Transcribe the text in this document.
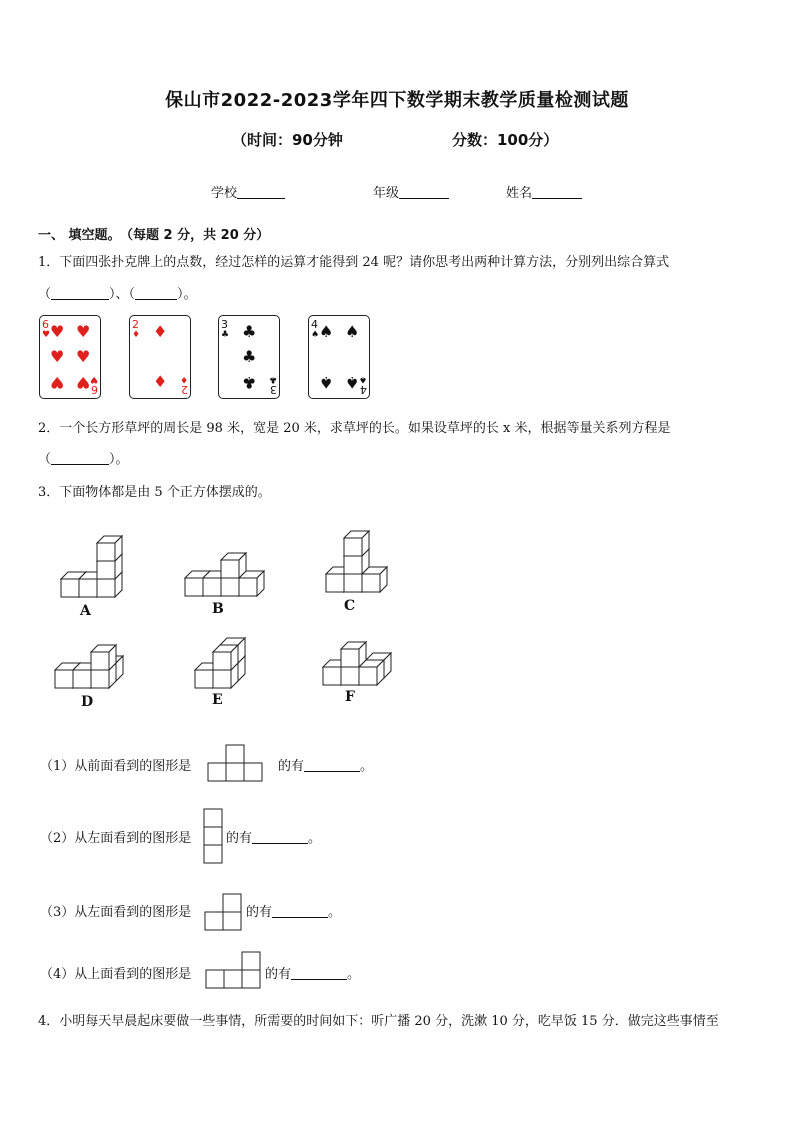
保山市2022-2023学年四下数学期末教学质量检测试题
（时间：90分钟	分数：100分）
学校	年级	姓名
一、 填空题。 （每题 2 分，共 20 分）
1．下面四张扑克牌上的点数，经过怎样的运算才能得到 24 呢？请你思考出两种计算方法，分别列出综合算式
（	）、（	）。
6
♥ ♥ ♥
♥ ♥
♥ ♥ 6
♥
2
♦ ♦
♦ 2
♦
3
♣ ♣
♣
♣ 3
♣
4
♠ ♠ ♠
♠ ♠ 4
♠
2．一个长方形草坪的周长是 98 米，宽是 20 米，求草坪的长。如果设草坪的长 x 米，根据等量关系列方程是
（	）。
3．下面物体都是由 5 个正方体摆成的。
A	B	C
D	E	F
（1）从前面看到的图形是	的有	。
（2）从左面看到的图形是	的有	。
（3）从左面看到的图形是	的有	。
（4）从上面看到的图形是	的有	。
4．小明每天早晨起床要做一些事情，所需要的时间如下：听广播 20 分，洗漱 10 分，吃早饭 15 分．做完这些事情至
